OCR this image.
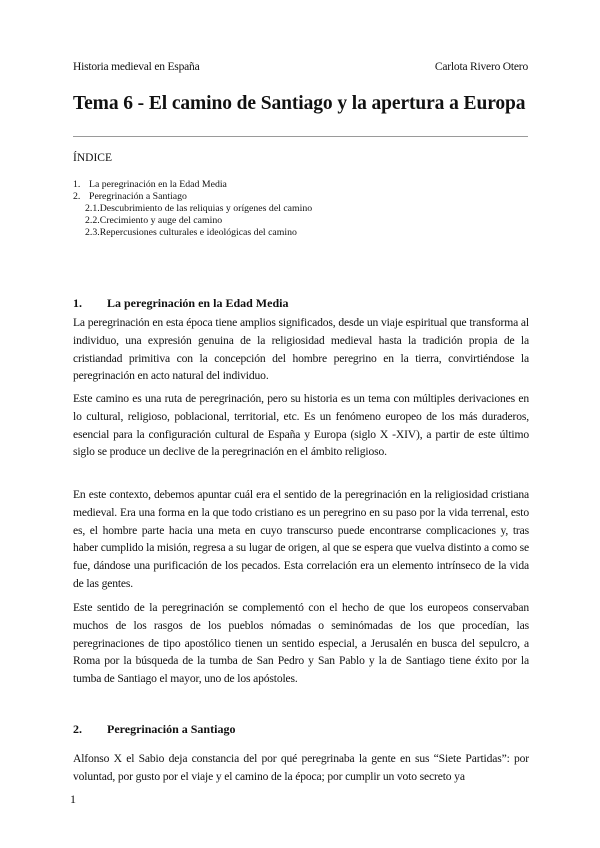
Historia medieval en España	Carlota Rivero Otero
Tema 6 - El camino de Santiago y la apertura a Europa
ÍNDICE
1. La peregrinación en la Edad Media
2. Peregrinación a Santiago
2.1.Descubrimiento de las reliquias y orígenes del camino
2.2.Crecimiento y auge del camino
2.3.Repercusiones culturales e ideológicas del camino
1. La peregrinación en la Edad Media

La peregrinación en esta época tiene amplios significados, desde un viaje espiritual que transforma al individuo, una expresión genuina de la religiosidad medieval hasta la tradición propia de la cristiandad primitiva con la concepción del hombre peregrino en la tierra, convirtiéndose la peregrinación en acto natural del individuo.

Este camino es una ruta de peregrinación, pero su historia es un tema con múltiples derivaciones en lo cultural, religioso, poblacional, territorial, etc. Es un fenómeno europeo de los más duraderos, esencial para la configuración cultural de España y Europa (siglo X -XIV), a partir de este último siglo se produce un declive de la peregrinación en el ámbito religioso.

En este contexto, debemos apuntar cuál era el sentido de la peregrinación en la religiosidad cristiana medieval. Era una forma en la que todo cristiano es un peregrino en su paso por la vida terrenal, esto es, el hombre parte hacia una meta en cuyo transcurso puede encontrarse complicaciones y, tras haber cumplido la misión, regresa a su lugar de origen, al que se espera que vuelva distinto a como se fue, dándose una purificación de los pecados. Esta correlación era un elemento intrínseco de la vida de las gentes.

Este sentido de la peregrinación se complementó con el hecho de que los europeos conservaban muchos de los rasgos de los pueblos nómadas o seminómadas de los que procedían, las peregrinaciones de tipo apostólico tienen un sentido especial, a Jerusalén en busca del sepulcro, a Roma por la búsqueda de la tumba de San Pedro y San Pablo y la de Santiago tiene éxito por la tumba de Santiago el mayor, uno de los apóstoles.

2. Peregrinación a Santiago

Alfonso X el Sabio deja constancia del por qué peregrinaba la gente en sus “Siete Partidas”: por voluntad, por gusto por el viaje y el camino de la época; por cumplir un voto secreto ya

1
